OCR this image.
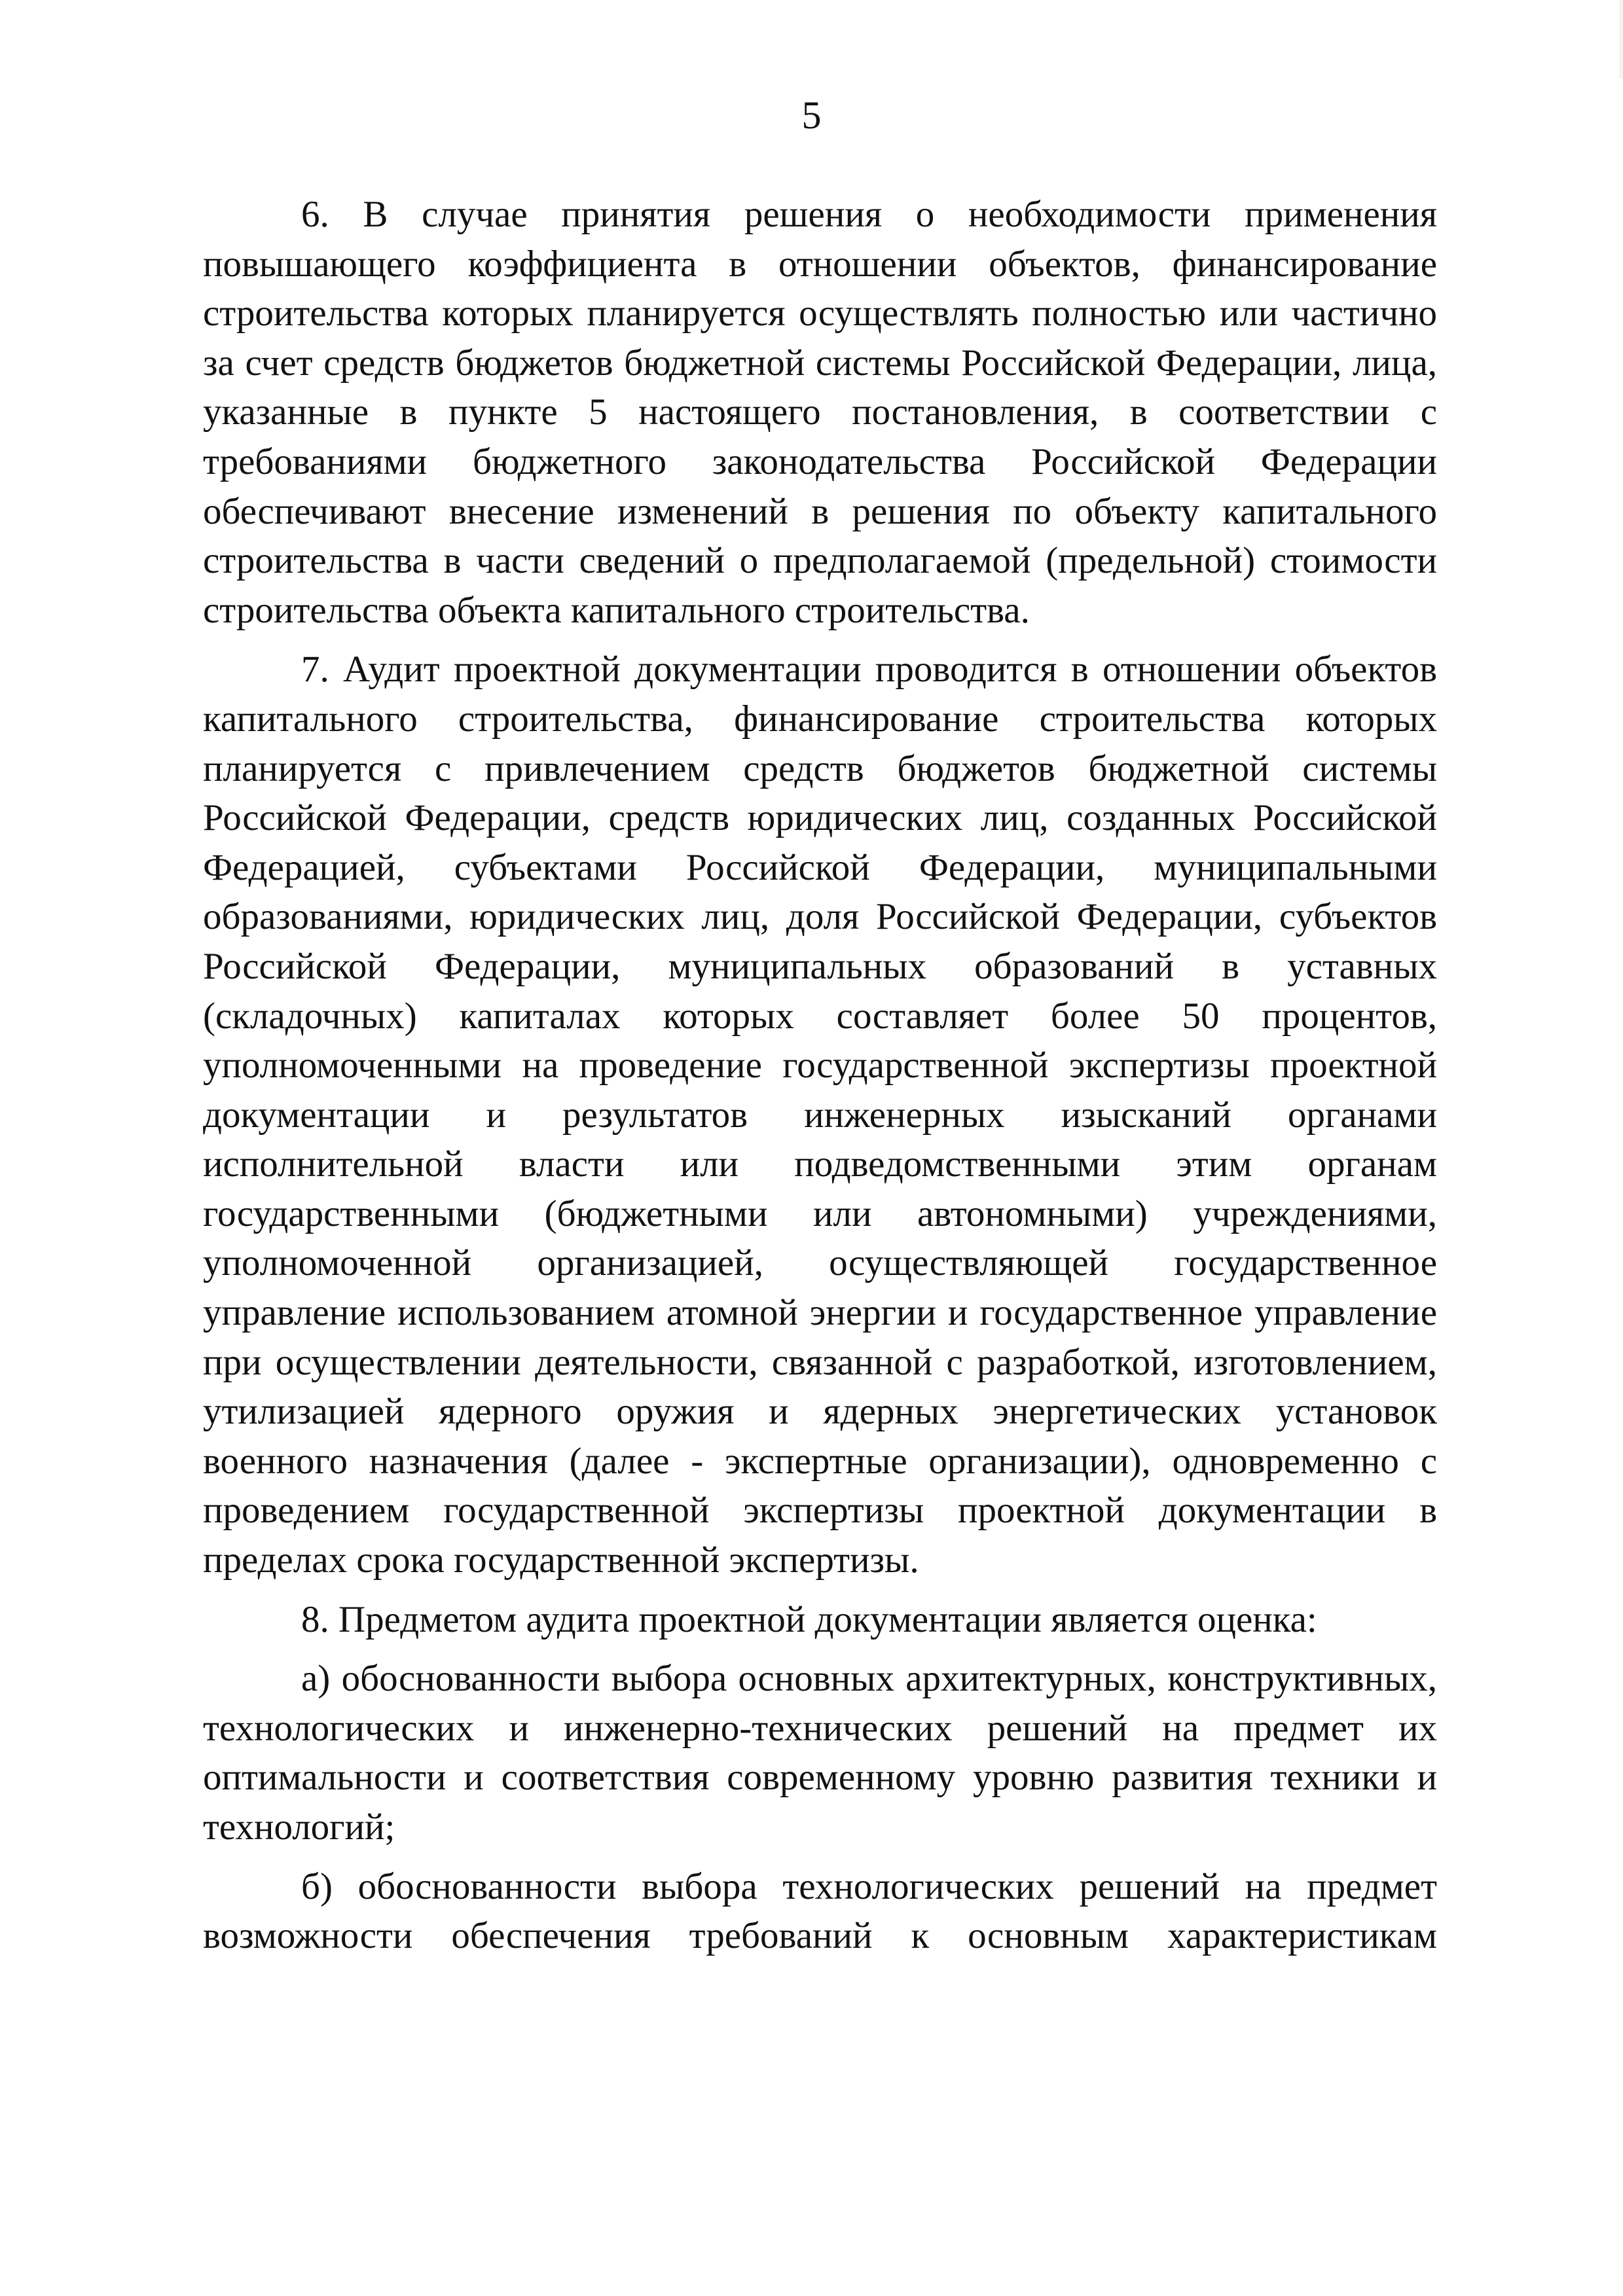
5

6. В случае принятия решения о необходимости применения повышающего коэффициента в отношении объектов, финансирование строительства которых планируется осуществлять полностью или частично за счет средств бюджетов бюджетной системы Российской Федерации, лица, указанные в пункте 5 настоящего постановления, в соответствии с требованиями бюджетного законодательства Российской Федерации обеспечивают внесение изменений в решения по объекту капитального строительства в части сведений о предполагаемой (предельной) стоимости строительства объекта капитального строительства.

7. Аудит проектной документации проводится в отношении объектов капитального строительства, финансирование строительства которых планируется с привлечением средств бюджетов бюджетной системы Российской Федерации, средств юридических лиц, созданных Российской Федерацией, субъектами Российской Федерации, муниципальными образованиями, юридических лиц, доля Российской Федерации, субъектов Российской Федерации, муниципальных образований в уставных (складочных) капиталах которых составляет более 50 процентов, уполномоченными на проведение государственной экспертизы проектной документации и результатов инженерных изысканий органами исполнительной власти или подведомственными этим органам государственными (бюджетными или автономными) учреждениями, уполномоченной организацией, осуществляющей государственное управление использованием атомной энергии и государственное управление при осуществлении деятельности, связанной с разработкой, изготовлением, утилизацией ядерного оружия и ядерных энергетических установок военного назначения (далее - экспертные организации), одновременно с проведением государственной экспертизы проектной документации в пределах срока государственной экспертизы.

8. Предметом аудита проектной документации является оценка:

а) обоснованности выбора основных архитектурных, конструктивных, технологических и инженерно-технических решений на предмет их оптимальности и соответствия современному уровню развития техники и технологий;

б) обоснованности выбора технологических решений на предмет возможности обеспечения требований к основным характеристикам
